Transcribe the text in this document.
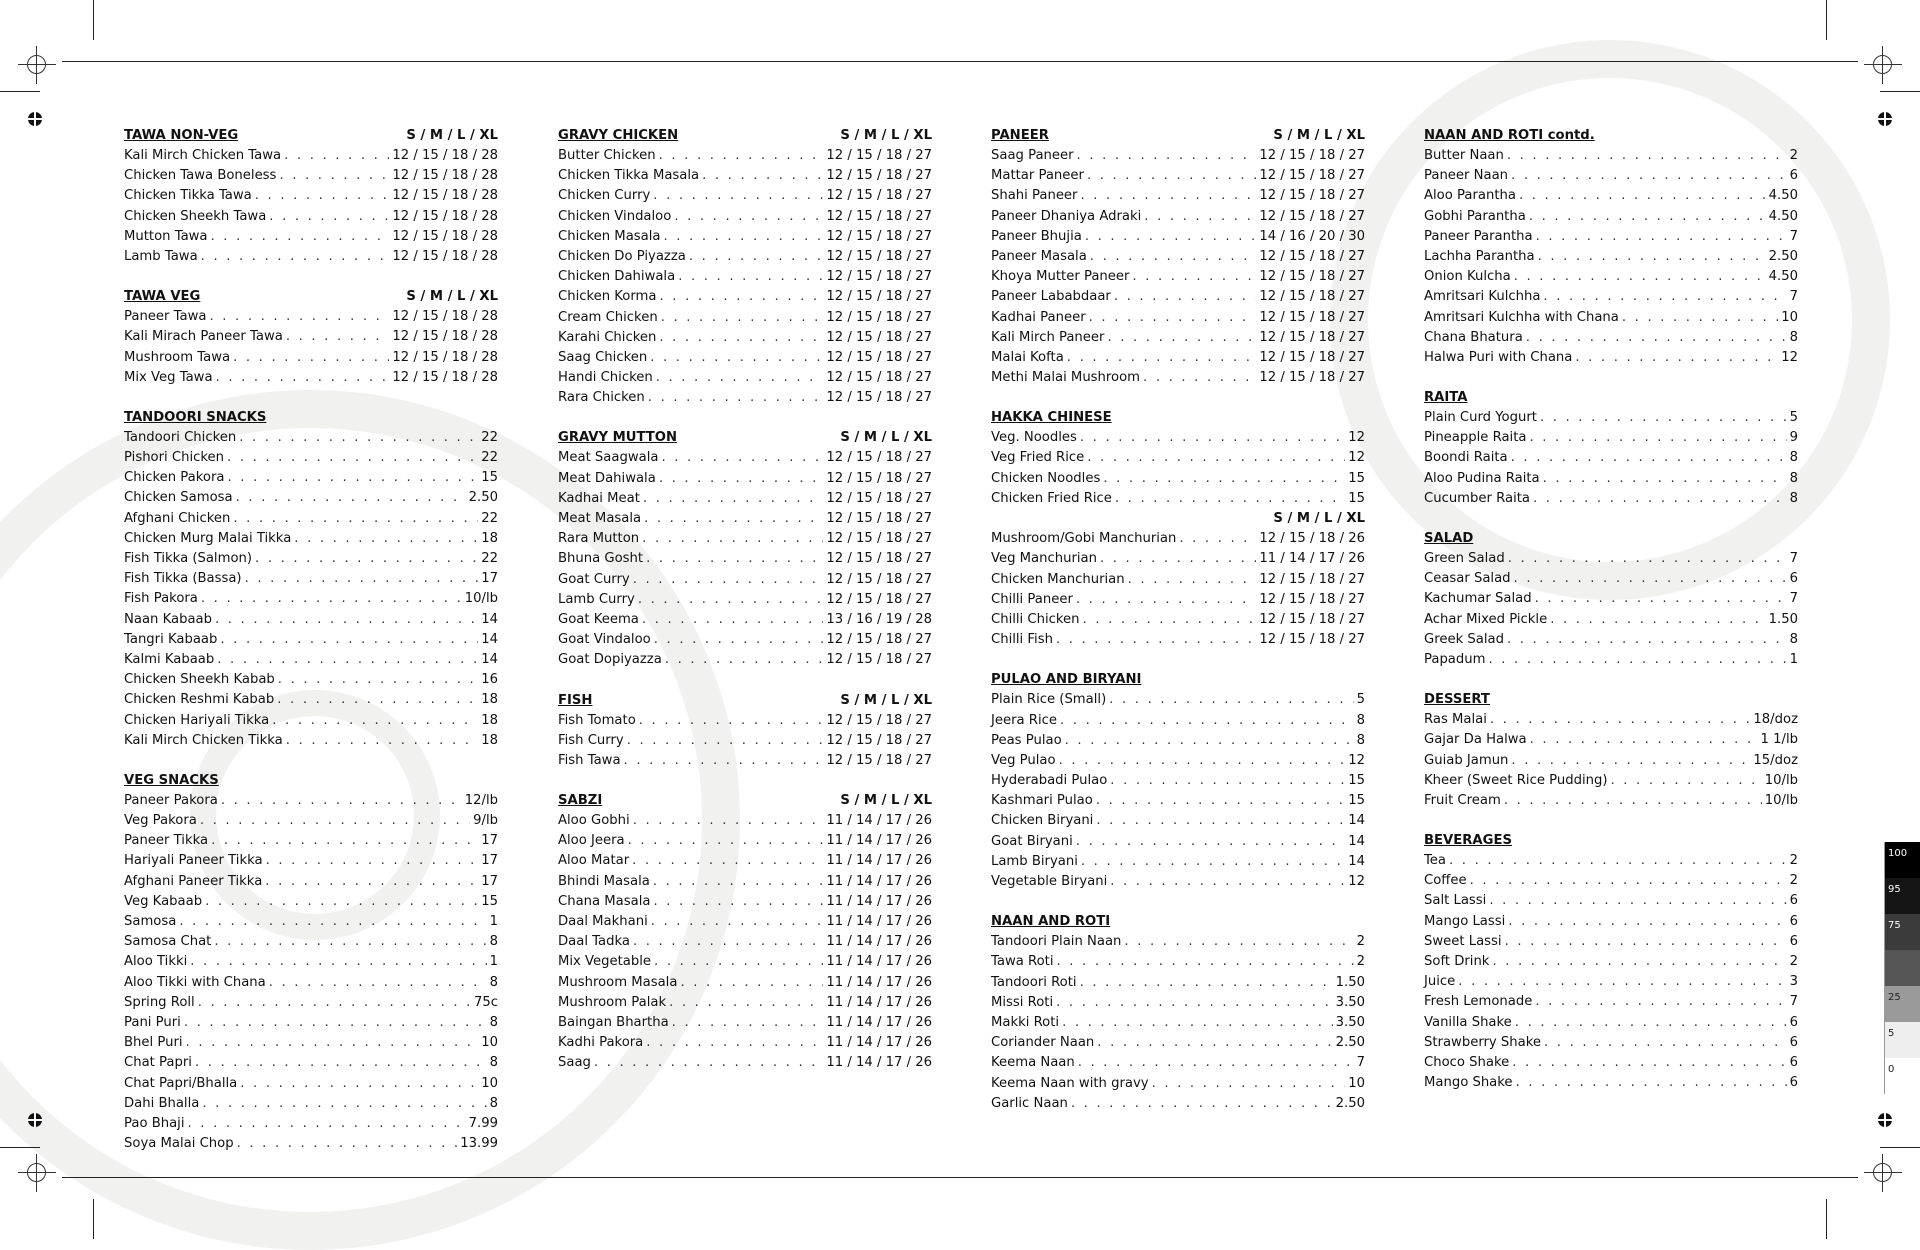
TAWA NON-VEG	S / M / L / XL
Kali Mirch Chicken Tawa . . .	12 / 15 / 18 / 28
Chicken Tawa Boneless . . .	12 / 15 / 18 / 28
Chicken Tikka Tawa . . .	12 / 15 / 18 / 28
Chicken Sheekh Tawa . . .	12 / 15 / 18 / 28
Mutton Tawa . . .	12 / 15 / 18 / 28
Lamb Tawa . . .	12 / 15 / 18 / 28
TAWA VEG	S / M / L / XL
Paneer Tawa . . .	12 / 15 / 18 / 28
Kali Mirach Paneer Tawa . . .	12 / 15 / 18 / 28
Mushroom Tawa . . .	12 / 15 / 18 / 28
Mix Veg Tawa . . .	12 / 15 / 18 / 28
TANDOORI SNACKS
Tandoori Chicken . . .	22
Pishori Chicken . . .	22
Chicken Pakora . . .	15
Chicken Samosa . . .	2.50
Afghani Chicken . . .	22
Chicken Murg Malai Tikka . . .	18
Fish Tikka (Salmon) . . .	22
Fish Tikka (Bassa) . . .	17
Fish Pakora . . .	10/lb
Naan Kabaab . . .	14
Tangri Kabaab . . .	14
Kalmi Kabaab . . .	14
Chicken Sheekh Kabab . . .	16
Chicken Reshmi Kabab . . .	18
Chicken Hariyali Tikka . . .	18
Kali Mirch Chicken Tikka . . .	18
VEG SNACKS
Paneer Pakora . . .	12/lb
Veg Pakora . . .	9/lb
Paneer Tikka . . .	17
Hariyali Paneer Tikka . . .	17
Afghani Paneer Tikka . . .	17
Veg Kabaab . . .	15
Samosa . . .	1
Samosa Chat . . .	8
Aloo Tikki . . .	1
Aloo Tikki with Chana . . .	8
Spring Roll . . .	75c
Pani Puri . . .	8
Bhel Puri . . .	10
Chat Papri . . .	8
Chat Papri/Bhalla . . .	10
Dahi Bhalla . . .	8
Pao Bhaji . . .	7.99
Soya Malai Chop . . .	13.99
GRAVY CHICKEN	S / M / L / XL
Butter Chicken . . .	12 / 15 / 18 / 27
Chicken Tikka Masala . . .	12 / 15 / 18 / 27
Chicken Curry . . .	12 / 15 / 18 / 27
Chicken Vindaloo . . .	12 / 15 / 18 / 27
Chicken Masala . . .	12 / 15 / 18 / 27
Chicken Do Piyazza . . .	12 / 15 / 18 / 27
Chicken Dahiwala . . .	12 / 15 / 18 / 27
Chicken Korma . . .	12 / 15 / 18 / 27
Cream Chicken . . .	12 / 15 / 18 / 27
Karahi Chicken . . .	12 / 15 / 18 / 27
Saag Chicken . . .	12 / 15 / 18 / 27
Handi Chicken . . .	12 / 15 / 18 / 27
Rara Chicken . . .	12 / 15 / 18 / 27
GRAVY MUTTON	S / M / L / XL
Meat Saagwala . . .	12 / 15 / 18 / 27
Meat Dahiwala . . .	12 / 15 / 18 / 27
Kadhai Meat . . .	12 / 15 / 18 / 27
Meat Masala . . .	12 / 15 / 18 / 27
Rara Mutton . . .	12 / 15 / 18 / 27
Bhuna Gosht . . .	12 / 15 / 18 / 27
Goat Curry . . .	12 / 15 / 18 / 27
Lamb Curry . . .	12 / 15 / 18 / 27
Goat Keema . . .	13 / 16 / 19 / 28
Goat Vindaloo . . .	12 / 15 / 18 / 27
Goat Dopiyazza . . .	12 / 15 / 18 / 27
FISH	S / M / L / XL
Fish Tomato . . .	12 / 15 / 18 / 27
Fish Curry . . .	12 / 15 / 18 / 27
Fish Tawa . . .	12 / 15 / 18 / 27
SABZI	S / M / L / XL
Aloo Gobhi . . .	11 / 14 / 17 / 26
Aloo Jeera . . .	11 / 14 / 17 / 26
Aloo Matar . . .	11 / 14 / 17 / 26
Bhindi Masala . . .	11 / 14 / 17 / 26
Chana Masala . . .	11 / 14 / 17 / 26
Daal Makhani . . .	11 / 14 / 17 / 26
Daal Tadka . . .	11 / 14 / 17 / 26
Mix Vegetable . . .	11 / 14 / 17 / 26
Mushroom Masala . . .	11 / 14 / 17 / 26
Mushroom Palak . . .	11 / 14 / 17 / 26
Baingan Bhartha . . .	11 / 14 / 17 / 26
Kadhi Pakora . . .	11 / 14 / 17 / 26
Saag . . .	11 / 14 / 17 / 26
PANEER	S / M / L / XL
Saag Paneer . . .	12 / 15 / 18 / 27
Mattar Paneer . . .	12 / 15 / 18 / 27
Shahi Paneer . . .	12 / 15 / 18 / 27
Paneer Dhaniya Adraki . . .	12 / 15 / 18 / 27
Paneer Bhujia . . .	14 / 16 / 20 / 30
Paneer Masala . . .	12 / 15 / 18 / 27
Khoya Mutter Paneer . . .	12 / 15 / 18 / 27
Paneer Lababdaar . . .	12 / 15 / 18 / 27
Kadhai Paneer . . .	12 / 15 / 18 / 27
Kali Mirch Paneer . . .	12 / 15 / 18 / 27
Malai Kofta . . .	12 / 15 / 18 / 27
Methi Malai Mushroom . . .	12 / 15 / 18 / 27
HAKKA CHINESE
Veg. Noodles . . .	12
Veg Fried Rice . . .	12
Chicken Noodles . . .	15
Chicken Fried Rice . . .	15
S / M / L / XL
Mushroom/Gobi Manchurian . . .	12 / 15 / 18 / 26
Veg Manchurian . . .	11 / 14 / 17 / 26
Chicken Manchurian . . .	12 / 15 / 18 / 27
Chilli Paneer . . .	12 / 15 / 18 / 27
Chilli Chicken . . .	12 / 15 / 18 / 27
Chilli Fish . . .	12 / 15 / 18 / 27
PULAO AND BIRYANI
Plain Rice (Small) . . .	5
Jeera Rice . . .	8
Peas Pulao . . .	8
Veg Pulao . . .	12
Hyderabadi Pulao . . .	15
Kashmari Pulao . . .	15
Chicken Biryani . . .	14
Goat Biryani . . .	14
Lamb Biryani . . .	14
Vegetable Biryani . . .	12
NAAN AND ROTI
Tandoori Plain Naan . . .	2
Tawa Roti . . .	2
Tandoori Roti . . .	1.50
Missi Roti . . .	3.50
Makki Roti . . .	3.50
Coriander Naan . . .	2.50
Keema Naan . . .	7
Keema Naan with gravy . . .	10
Garlic Naan . . .	2.50
NAAN AND ROTI contd.
Butter Naan . . .	2
Paneer Naan . . .	6
Aloo Parantha . . .	4.50
Gobhi Parantha . . .	4.50
Paneer Parantha . . .	7
Lachha Parantha . . .	2.50
Onion Kulcha . . .	4.50
Amritsari Kulchha . . .	7
Amritsari Kulchha with Chana . . .	10
Chana Bhatura . . .	8
Halwa Puri with Chana . . .	12
RAITA
Plain Curd Yogurt . . .	5
Pineapple Raita . . .	9
Boondi Raita . . .	8
Aloo Pudina Raita . . .	8
Cucumber Raita . . .	8
SALAD
Green Salad . . .	7
Ceasar Salad . . .	6
Kachumar Salad . . .	7
Achar Mixed Pickle . . .	1.50
Greek Salad . . .	8
Papadum . . .	1
DESSERT
Ras Malai . . .	18/doz
Gajar Da Halwa . . .	1 1/lb
Guiab Jamun . . .	15/doz
Kheer (Sweet Rice Pudding) . . .	10/lb
Fruit Cream . . .	10/lb
BEVERAGES
Tea . . .	2
Coffee . . .	2
Salt Lassi . . .	6
Mango Lassi . . .	6
Sweet Lassi . . .	6
Soft Drink . . .	2
Juice . . .	3
Fresh Lemonade . . .	7
Vanilla Shake . . .	6
Strawberry Shake . . .	6
Choco Shake . . .	6
Mango Shake . . .	6
100
95
75
25
5
0
